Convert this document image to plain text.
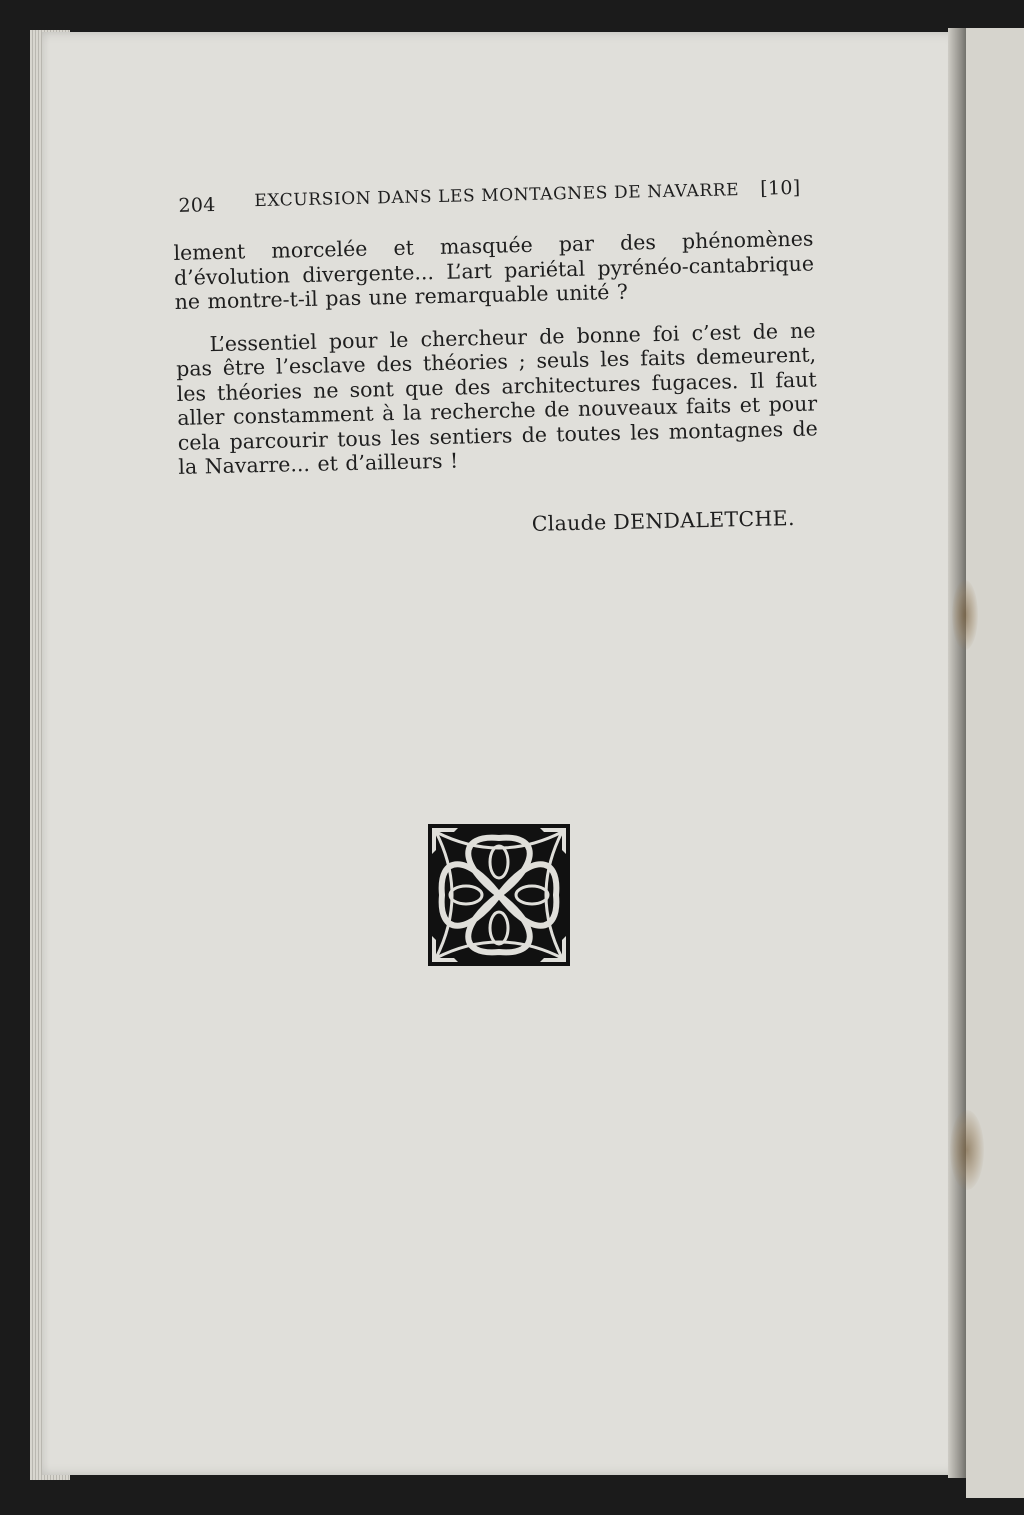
204 EXCURSION DANS LES MONTAGNES DE NAVARRE [10]

lement morcelée et masquée par des phénomènes d’évolution divergente... L’art pariétal pyrénéo-cantabrique ne montre-t-il pas une remarquable unité ?

L’essentiel pour le chercheur de bonne foi c’est de ne pas être l’esclave des théories ; seuls les faits demeurent, les théories ne sont que des architectures fugaces. Il faut aller constamment à la recherche de nouveaux faits et pour cela parcourir tous les sentiers de toutes les montagnes de la Navarre... et d’ailleurs !

Claude DENDALETCHE.
